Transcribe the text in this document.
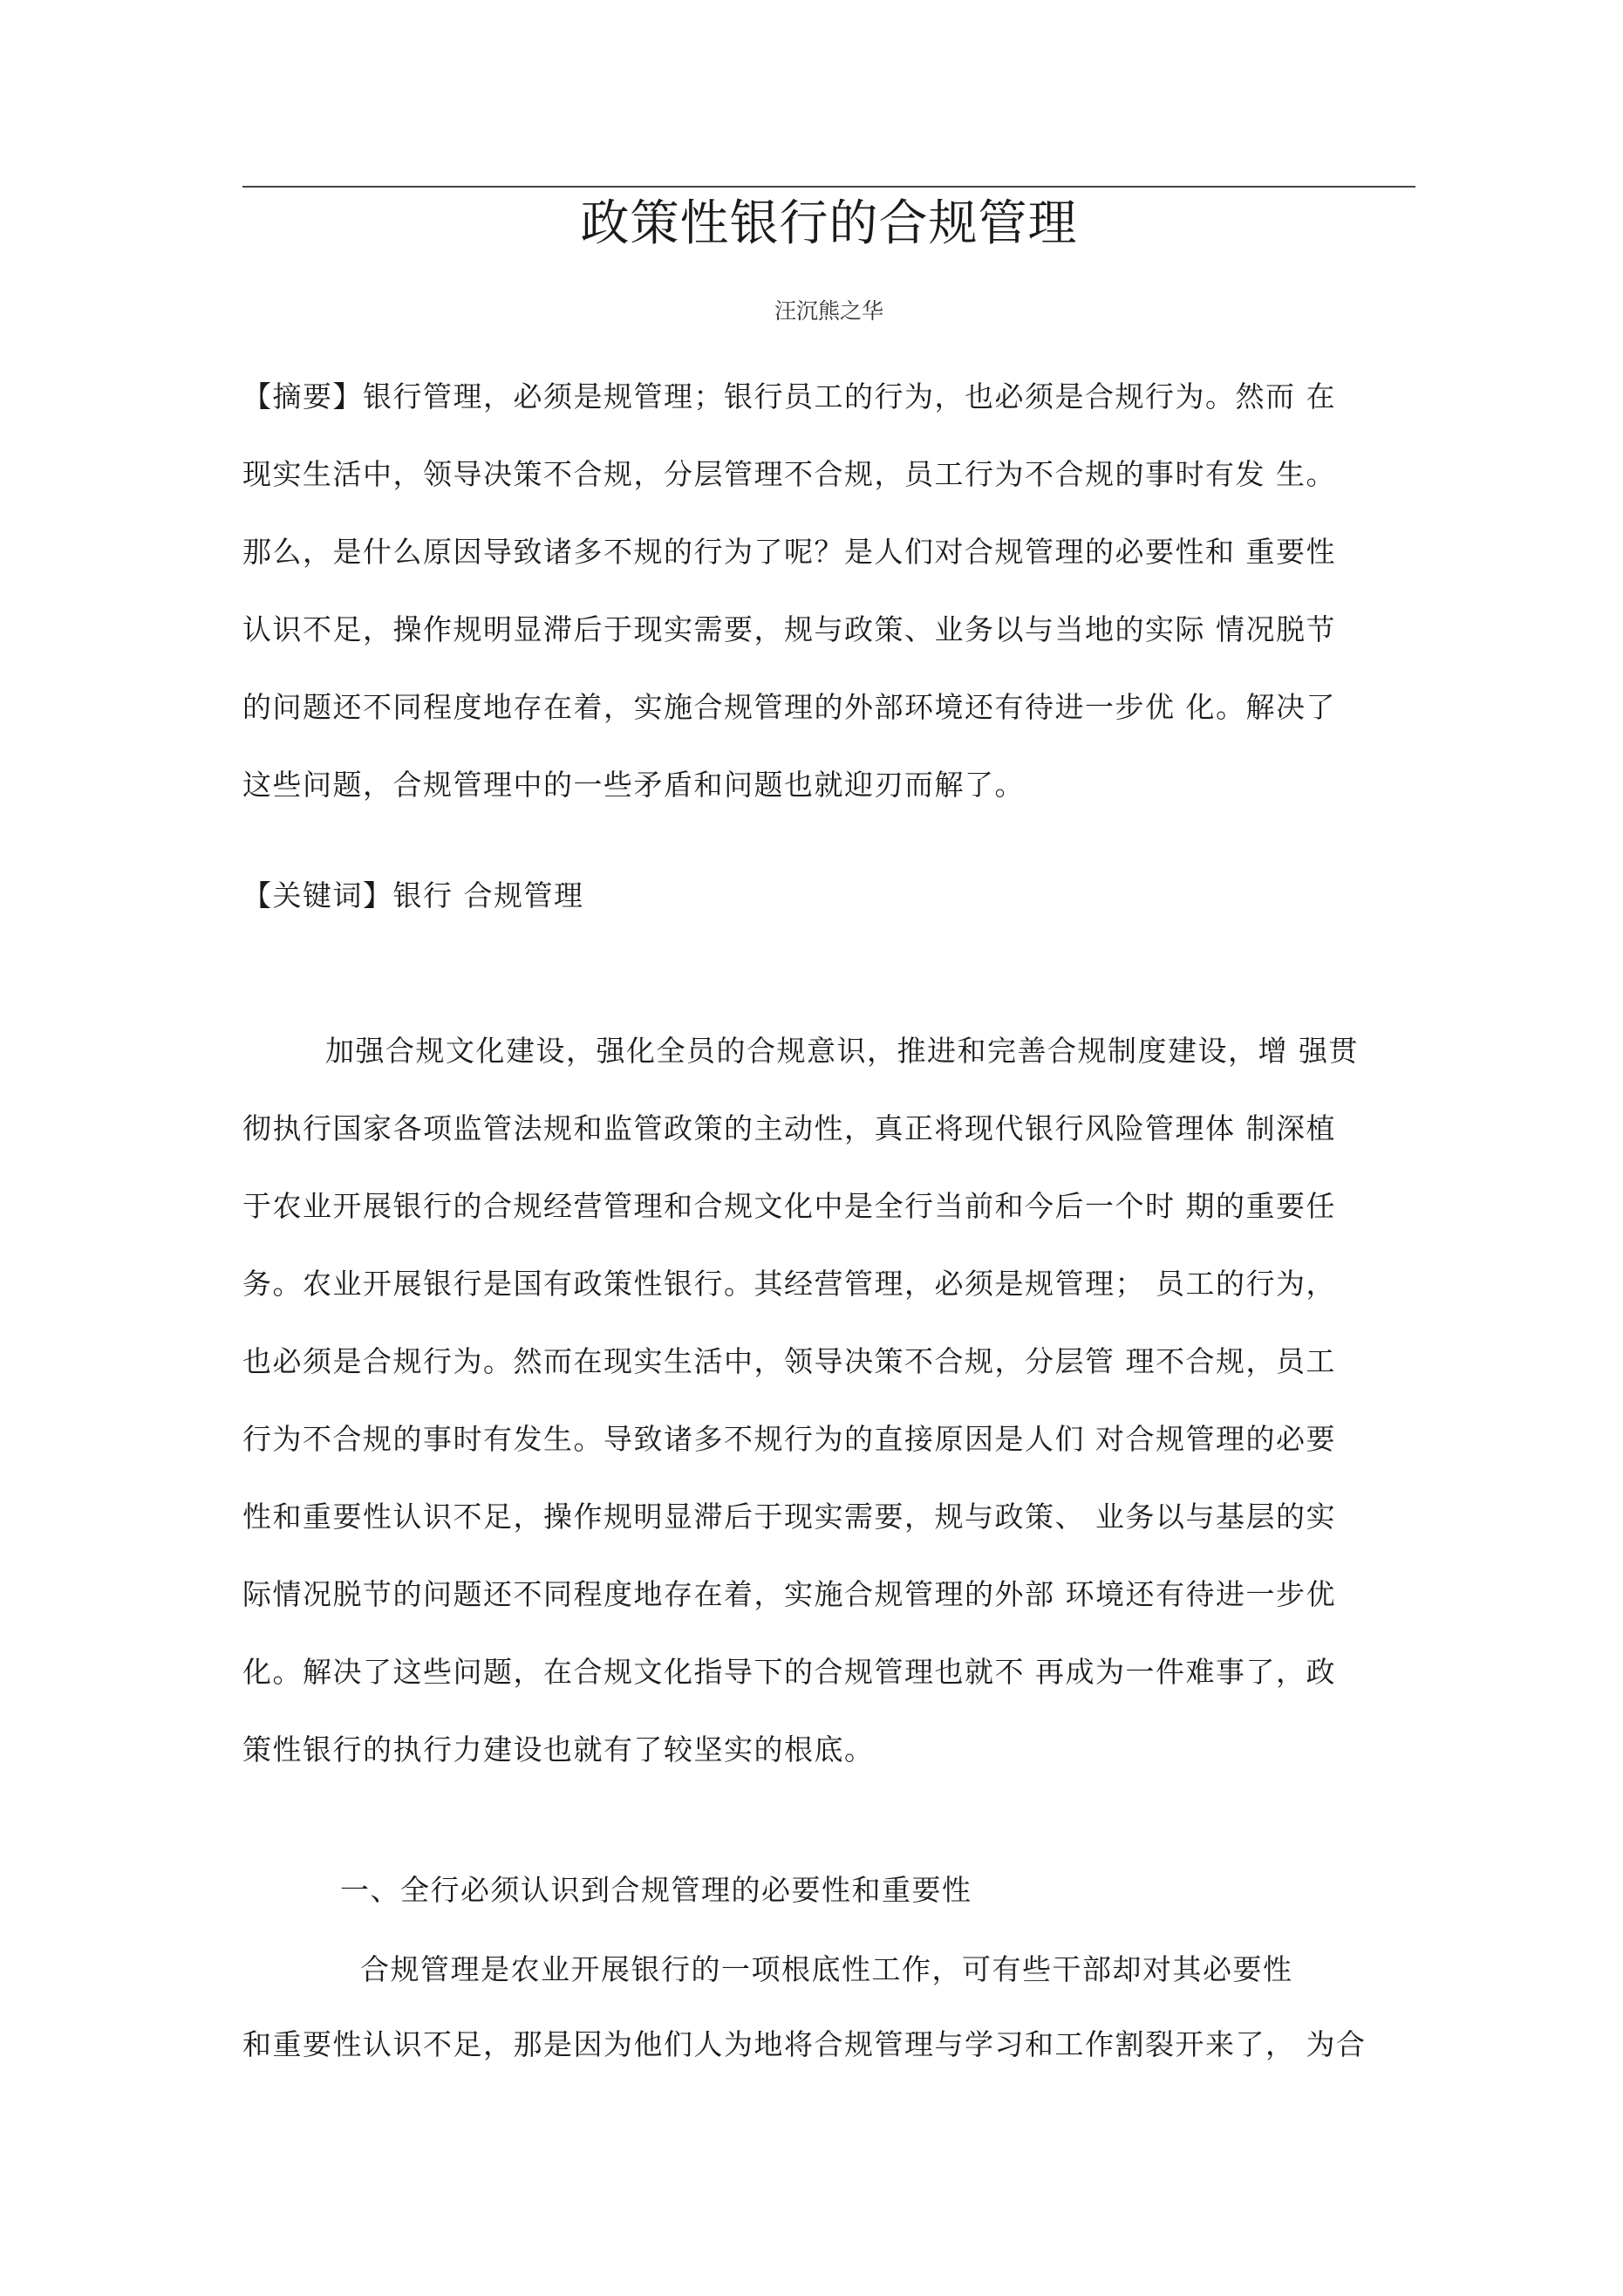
政策性银行的合规管理
汪沉熊之华
【摘要】银行管理，必须是规管理；银行员工的行为，也必须是合规行为。然而 在
现实生活中，领导决策不合规，分层管理不合规，员工行为不合规的事时有发 生。
那么，是什么原因导致诸多不规的行为了呢？是人们对合规管理的必要性和 重要性
认识不足，操作规明显滞后于现实需要，规与政策、业务以与当地的实际 情况脱节
的问题还不同程度地存在着，实施合规管理的外部环境还有待进一步优 化。解决了
这些问题，合规管理中的一些矛盾和问题也就迎刃而解了。
【关键词】银行 合规管理
加强合规文化建设，强化全员的合规意识，推进和完善合规制度建设，增 强贯
彻执行国家各项监管法规和监管政策的主动性，真正将现代银行风险管理体 制深植
于农业开展银行的合规经营管理和合规文化中是全行当前和今后一个时 期的重要任
务。农业开展银行是国有政策性银行。其经营管理，必须是规管理； 员工的行为，
也必须是合规行为。然而在现实生活中，领导决策不合规，分层管 理不合规，员工
行为不合规的事时有发生。导致诸多不规行为的直接原因是人们 对合规管理的必要
性和重要性认识不足，操作规明显滞后于现实需要，规与政策、 业务以与基层的实
际情况脱节的问题还不同程度地存在着，实施合规管理的外部 环境还有待进一步优
化。解决了这些问题，在合规文化指导下的合规管理也就不 再成为一件难事了，政
策性银行的执行力建设也就有了较坚实的根底。
一、全行必须认识到合规管理的必要性和重要性
合规管理是农业开展银行的一项根底性工作，可有些干部却对其必要性
和重要性认识不足，那是因为他们人为地将合规管理与学习和工作割裂开来了， 为合
